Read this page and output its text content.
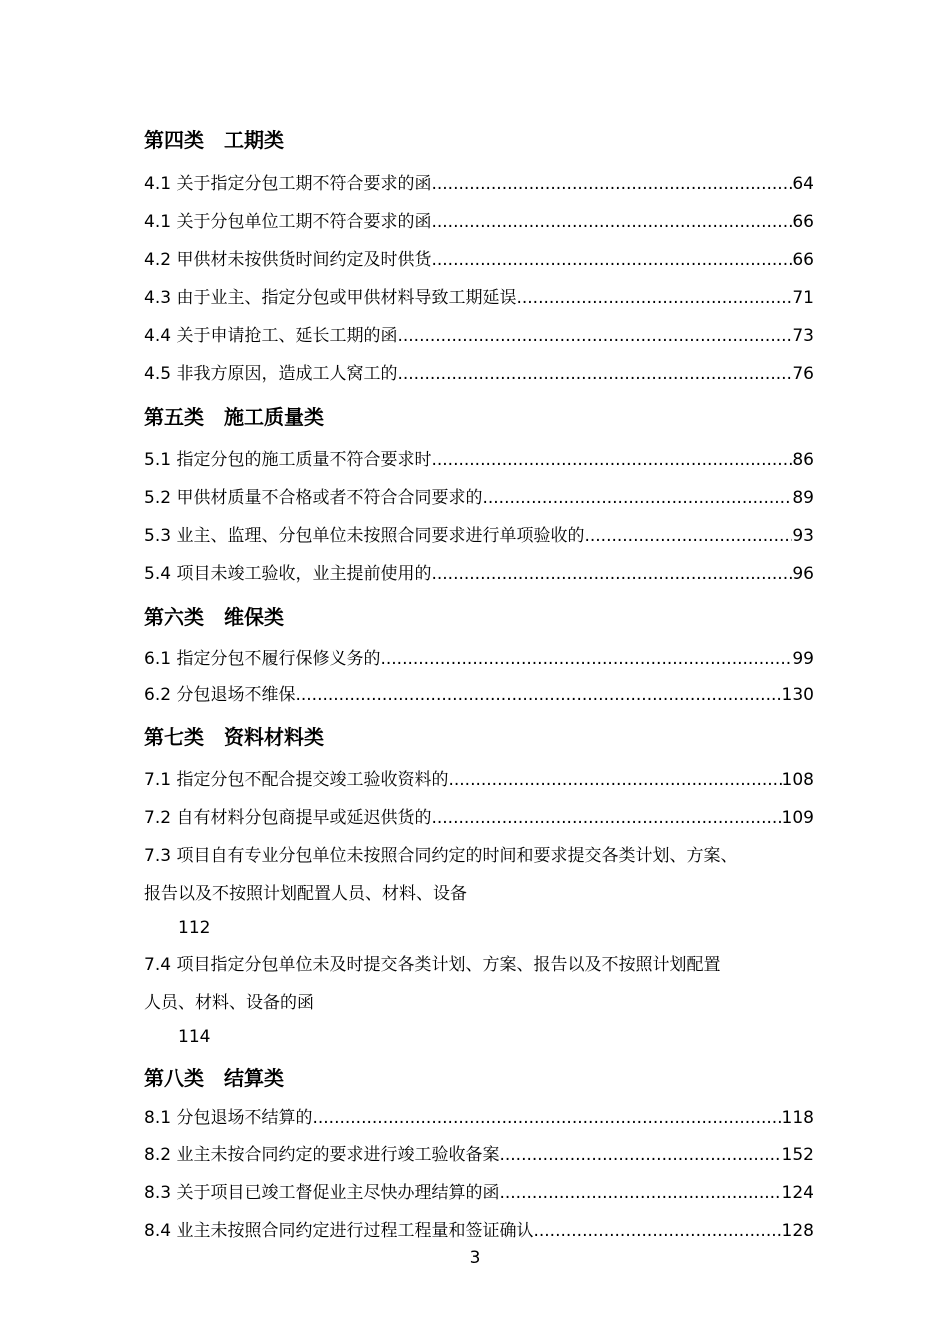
第四类　工期类
4.1 关于指定分包工期不符合要求的函 .....	64
4.1 关于分包单位工期不符合要求的函 .....	66
4.2 甲供材未按供货时间约定及时供货 .....	66
4.3 由于业主、指定分包或甲供材料导致工期延误 .....	71
4.4 关于申请抢工、延长工期的函 .....	73
4.5 非我方原因，造成工人窝工的 .....	76
第五类　施工质量类
5.1 指定分包的施工质量不符合要求时 .....	86
5.2 甲供材质量不合格或者不符合合同要求的 .....	89
5.3 业主、监理、分包单位未按照合同要求进行单项验收的 .....	93
5.4 项目未竣工验收，业主提前使用的 .....	96
第六类　维保类
6.1 指定分包不履行保修义务的 .....	99
6.2 分包退场不维保 .....	130
第七类　资料材料类
7.1 指定分包不配合提交竣工验收资料的 .....	108
7.2 自有材料分包商提早或延迟供货的 .....	109
7.3 项目自有专业分包单位未按照合同约定的时间和要求提交各类计划、方案、
报告以及不按照计划配置人员、材料、设备
112
7.4 项目指定分包单位未及时提交各类计划、方案、报告以及不按照计划配置
人员、材料、设备的函
114
第八类　结算类
8.1 分包退场不结算的 .....	118
8.2 业主未按合同约定的要求进行竣工验收备案 .....	152
8.3 关于项目已竣工督促业主尽快办理结算的函 .....	124
8.4 业主未按照合同约定进行过程工程量和签证确认 .....	128
3
